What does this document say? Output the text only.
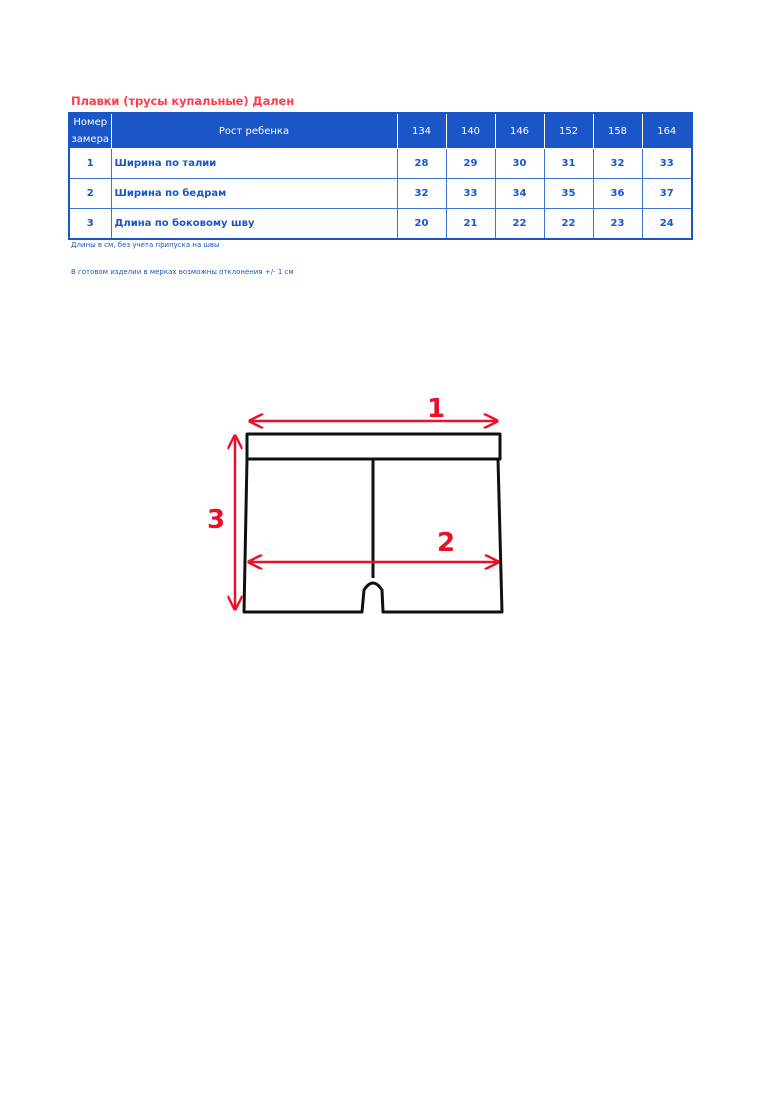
Плавки (трусы купальные) Дален
Номер замера	Рост ребенка	134	140	146	152	158	164
1	Ширина по талии	28	29	30	31	32	33
2	Ширина по бедрам	32	33	34	35	36	37
3	Длина по боковому шву	20	21	22	22	23	24
Длины в см, без учета припуска на швы
В готовом изделии в мерках возможны отклонения +/- 1 см
1
2
3
